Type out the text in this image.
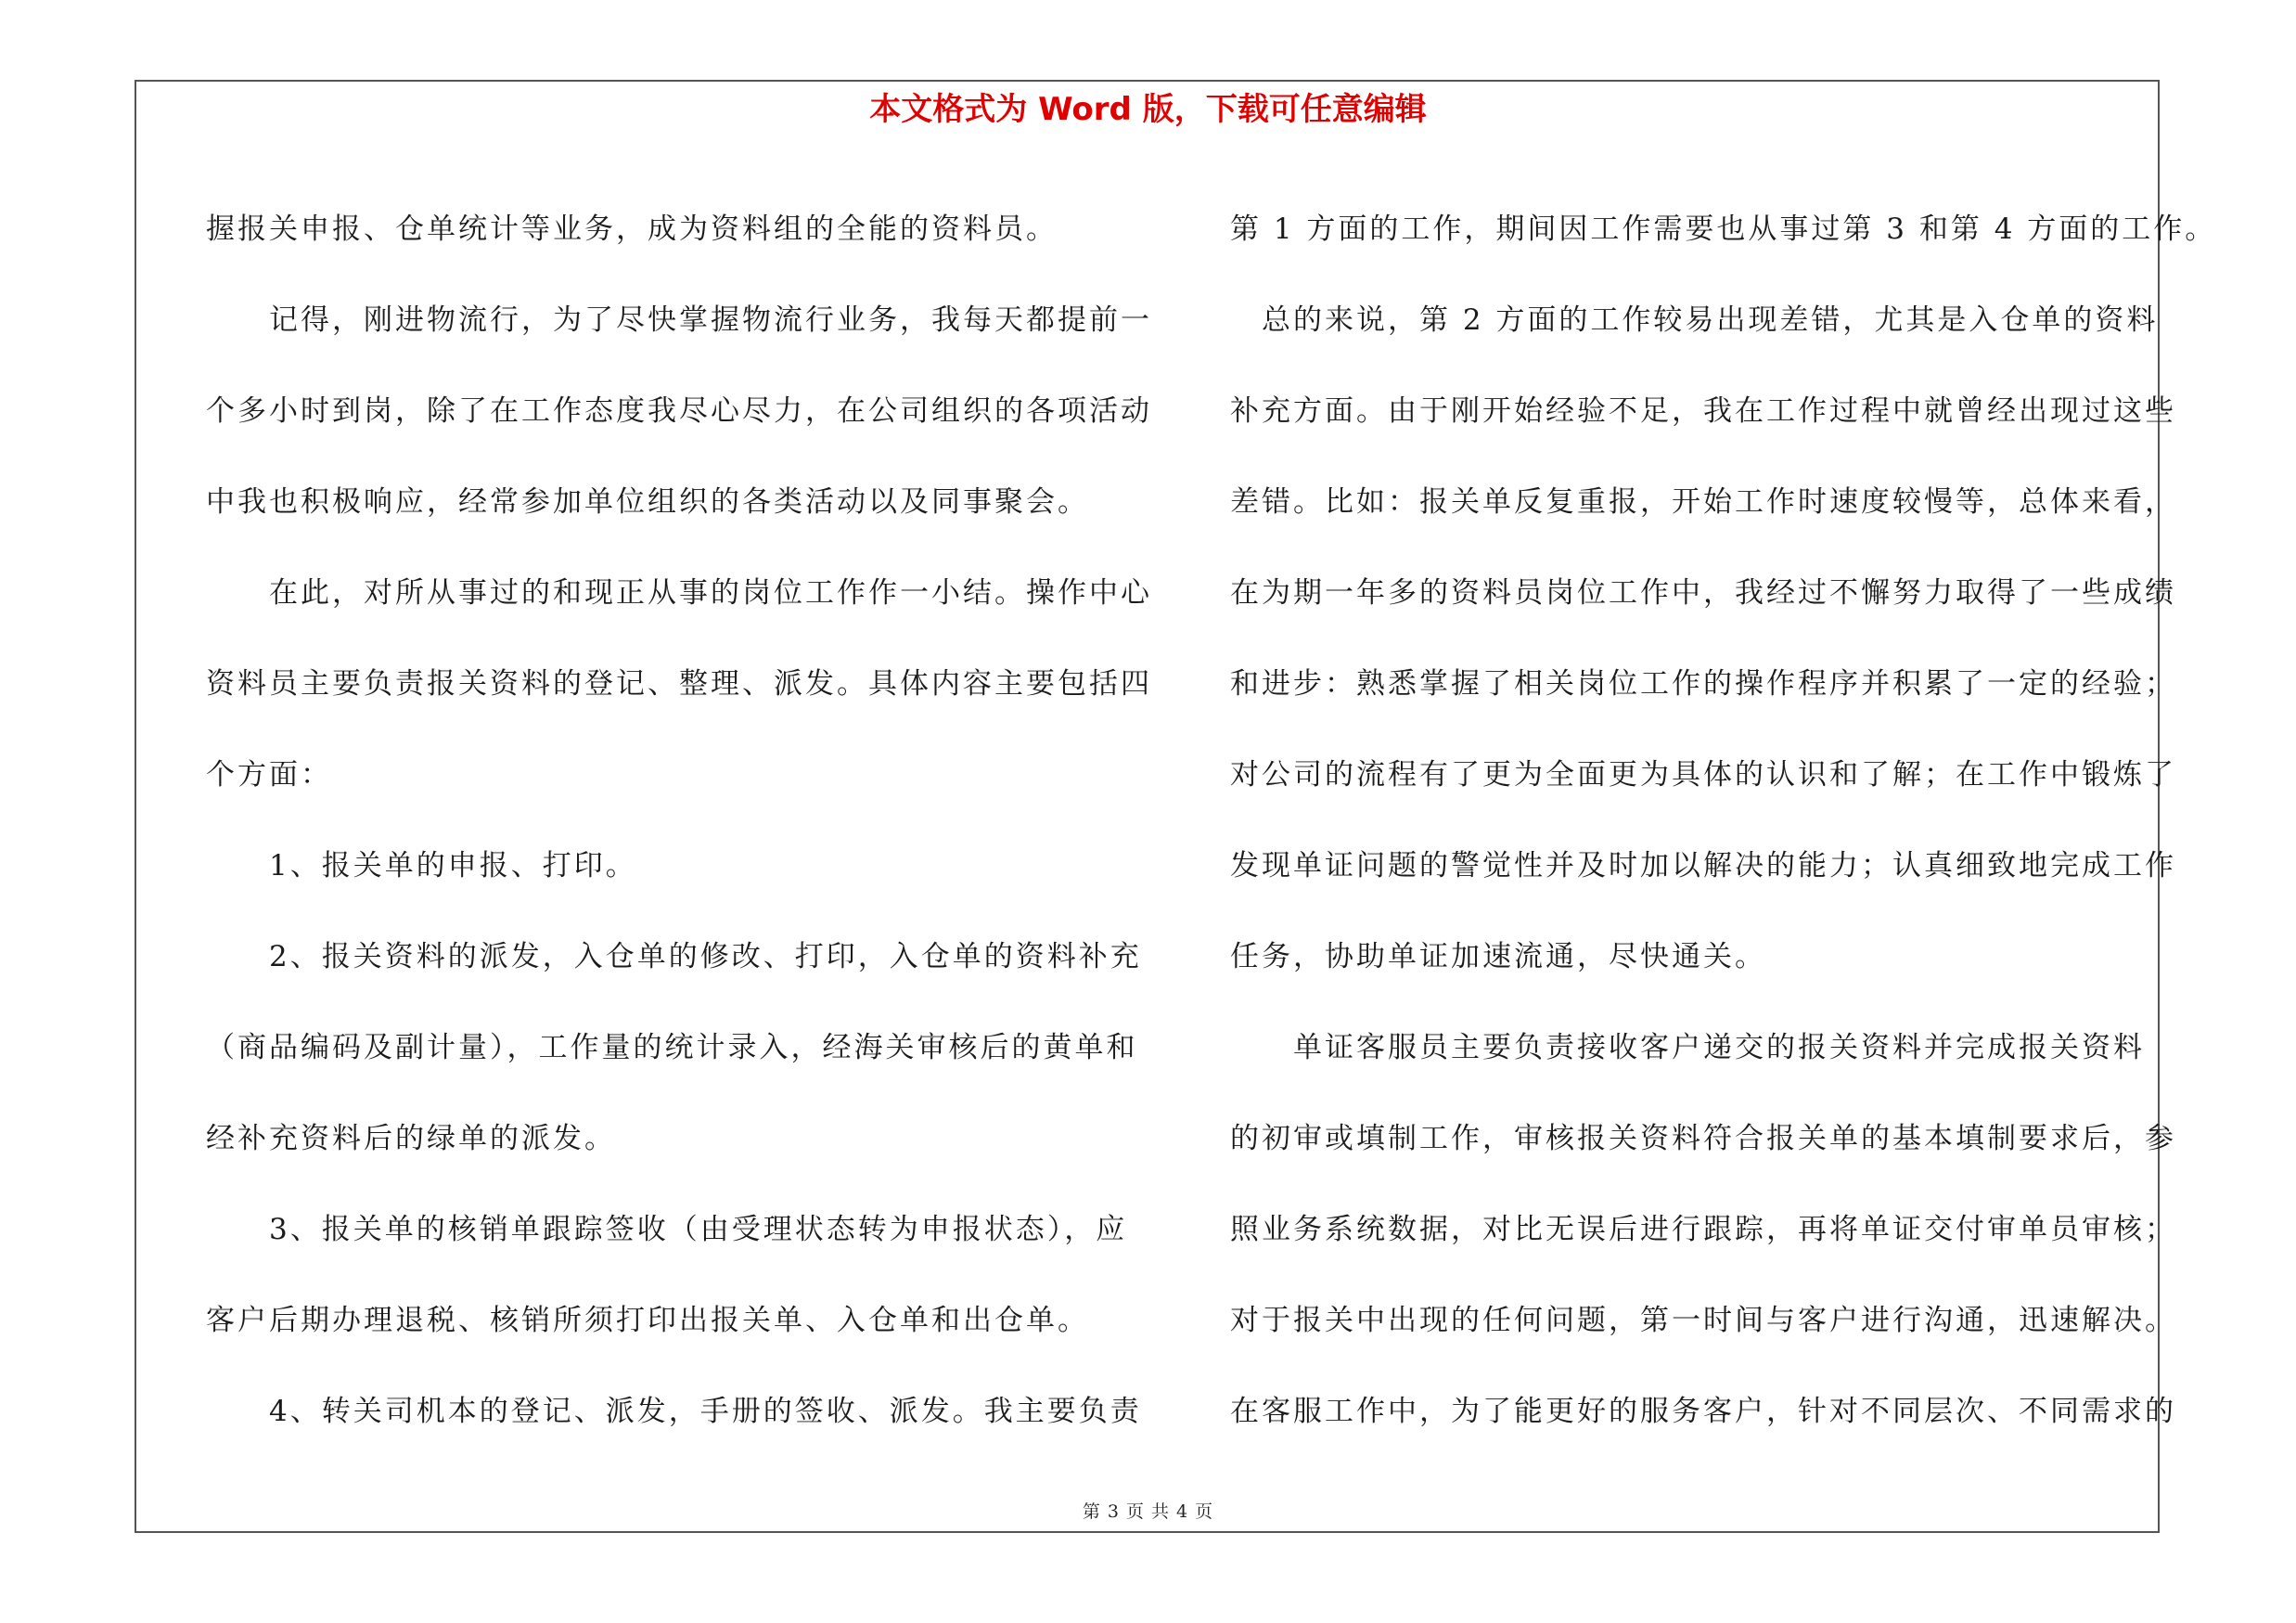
本文格式为 Word 版，下载可任意编辑
握报关申报、仓单统计等业务，成为资料组的全能的资料员。
　　记得，刚进物流行，为了尽快掌握物流行业务，我每天都提前一
个多小时到岗，除了在工作态度我尽心尽力，在公司组织的各项活动
中我也积极响应，经常参加单位组织的各类活动以及同事聚会。
　　在此，对所从事过的和现正从事的岗位工作作一小结。操作中心
资料员主要负责报关资料的登记、整理、派发。具体内容主要包括四
个方面：
　　1、报关单的申报、打印。
　　2、报关资料的派发，入仓单的修改、打印，入仓单的资料补充
（商品编码及副计量），工作量的统计录入，经海关审核后的黄单和
经补充资料后的绿单的派发。
　　3、报关单的核销单跟踪签收（由受理状态转为申报状态），应
客户后期办理退税、核销所须打印出报关单、入仓单和出仓单。
　　4、转关司机本的登记、派发，手册的签收、派发。我主要负责
第 1 方面的工作，期间因工作需要也从事过第 3 和第 4 方面的工作。
　总的来说，第 2 方面的工作较易出现差错，尤其是入仓单的资料
补充方面。由于刚开始经验不足，我在工作过程中就曾经出现过这些
差错。比如：报关单反复重报，开始工作时速度较慢等，总体来看，
在为期一年多的资料员岗位工作中，我经过不懈努力取得了一些成绩
和进步：熟悉掌握了相关岗位工作的操作程序并积累了一定的经验；
对公司的流程有了更为全面更为具体的认识和了解；在工作中锻炼了
发现单证问题的警觉性并及时加以解决的能力；认真细致地完成工作
任务，协助单证加速流通，尽快通关。
　　单证客服员主要负责接收客户递交的报关资料并完成报关资料
的初审或填制工作，审核报关资料符合报关单的基本填制要求后，参
照业务系统数据，对比无误后进行跟踪，再将单证交付审单员审核；
对于报关中出现的任何问题，第一时间与客户进行沟通，迅速解决。
在客服工作中，为了能更好的服务客户，针对不同层次、不同需求的
第 3 页 共 4 页
